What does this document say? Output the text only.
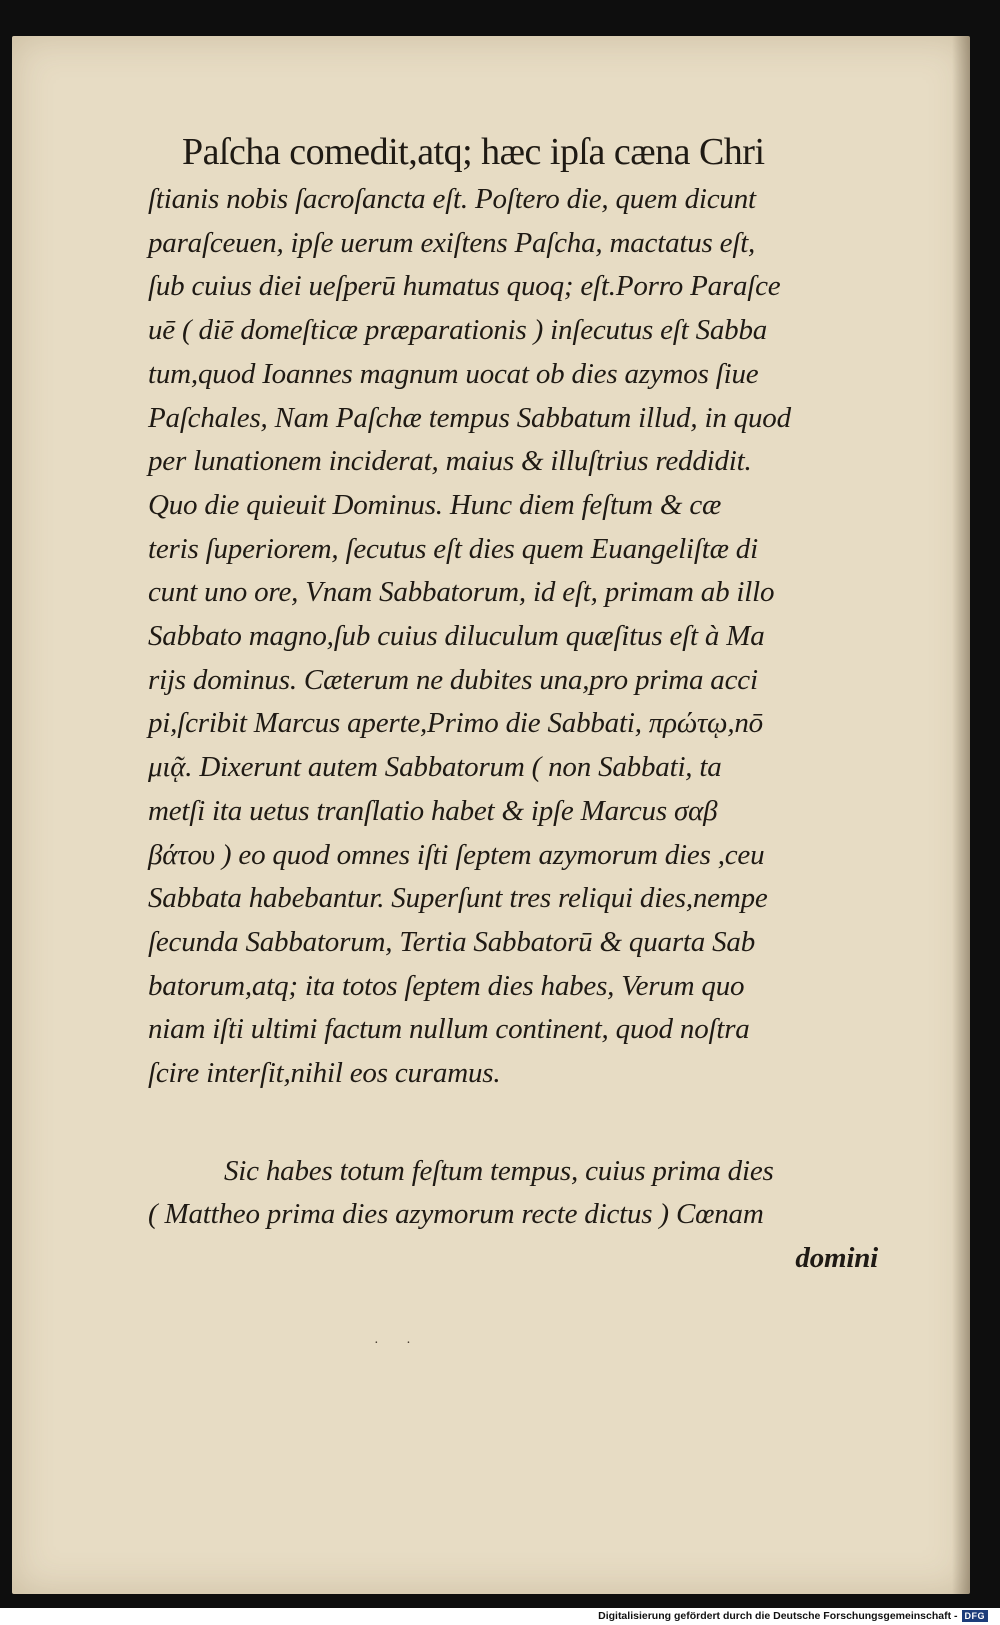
Paſcha comedit,atq; hæc ipſa cæna Chri
ſtianis nobis ſacroſancta eſt. Poſtero die, quem dicunt
paraſceuen, ipſe uerum exiſtens Paſcha, mactatus eſt,
ſub cuius diei ueſperū humatus quoq; eſt.Porro Paraſce
uē ( diē domeſticæ præparationis ) inſecutus eſt Sabba
tum,quod Ioannes magnum uocat ob dies azymos ſiue
Paſchales, Nam Paſchæ tempus Sabbatum illud, in quod
per lunationem inciderat, maius & illuſtrius reddidit.
Quo die quieuit Dominus. Hunc diem feſtum & cæ
teris ſuperiorem, ſecutus eſt dies quem Euangeliſtæ di
cunt uno ore, Vnam Sabbatorum, id eſt, primam ab illo
Sabbato magno,ſub cuius diluculum quæſitus eſt à Ma
rijs dominus. Cæterum ne dubites una,pro prima acci
pi,ſcribit Marcus aperte,Primo die Sabbati, πρώτῳ,nō
μιᾷ. Dixerunt autem Sabbatorum ( non Sabbati, ta
metſi ita uetus tranſlatio habet & ipſe Marcus σαβ
βάτου ) eo quod omnes iſti ſeptem azymorum dies ,ceu
Sabbata habebantur. Superſunt tres reliqui dies,nempe
ſecunda Sabbatorum, Tertia Sabbatorū & quarta Sab
batorum,atq; ita totos ſeptem dies habes, Verum quo
niam iſti ultimi factum nullum continent, quod noſtra
ſcire interſit,nihil eos curamus.
Sic habes totum feſtum tempus, cuius prima dies
( Mattheo prima dies azymorum recte dictus ) Cœnam
domini
· ·
Digitalisierung gefördert durch die Deutsche Forschungsgemeinschaft - DFG
